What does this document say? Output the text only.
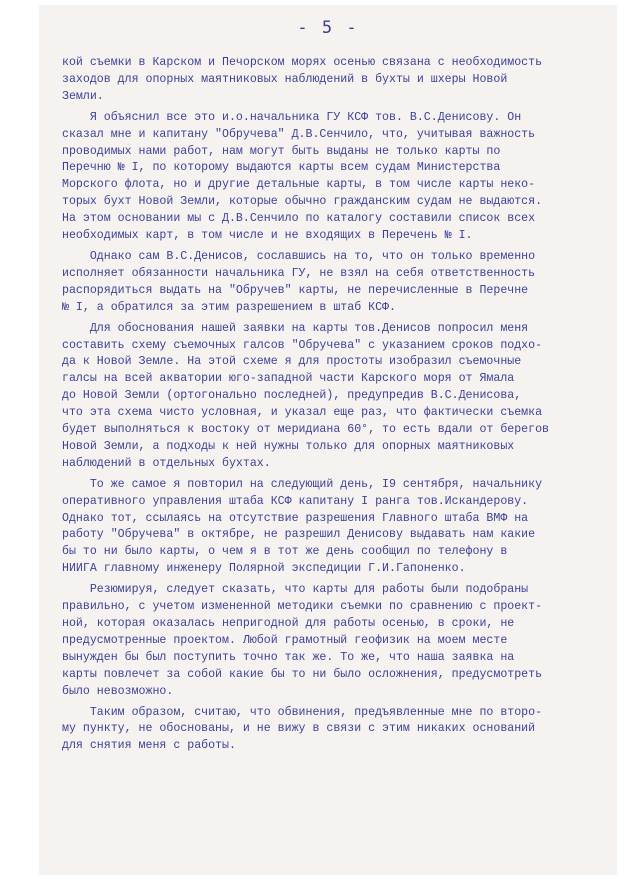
- 5 -
кой съемки в Карском и Печорском морях осенью связана с необходимость
заходов для опорных маятниковых наблюдений в бухты и шхеры Новой
Земли.
Я объяснил все это и.о.начальника ГУ КСФ тов. В.С.Денисову. Он
сказал мне и капитану "Обручева" Д.В.Сенчило, что, учитывая важность
проводимых нами работ, нам могут быть выданы не только карты по
Перечню № I, по которому выдаются карты всем судам Министерства
Морского флота, но и другие детальные карты, в том числе карты неко-
торых бухт Новой Земли, которые обычно гражданским судам не выдаются.
На этом основании мы с Д.В.Сенчило по каталогу составили список всех
необходимых карт, в том числе и не входящих в Перечень № I.
Однако сам В.С.Денисов, сославшись на то, что он только временно
исполняет обязанности начальника ГУ, не взял на себя ответственность
распорядиться выдать на "Обручев" карты, не перечисленные в Перечне
№ I, а обратился за этим разрешением в штаб КСФ.
Для обоснования нашей заявки на карты тов.Денисов попросил меня
составить схему съемочных галсов "Обручева" с указанием сроков подхо-
да к Новой Земле. На этой схеме я для простоты изобразил съемочные
галсы на всей акватории юго-западной части Карского моря от Ямала
до Новой Земли (ортогонально последней), предупредив В.С.Денисова,
что эта схема чисто условная, и указал еще раз, что фактически съемка
будет выполняться к востоку от меридиана 60°, то есть вдали от берегов
Новой Земли, а подходы к ней нужны только для опорных маятниковых
наблюдений в отдельных бухтах.
То же самое я повторил на следующий день, I9 сентября, начальнику
оперативного управления штаба КСФ капитану I ранга тов.Искандерову.
Однако тот, ссылаясь на отсутствие разрешения Главного штаба ВМФ на
работу "Обручева" в октябре, не разрешил Денисову выдавать нам какие
бы то ни было карты, о чем я в тот же день сообщил по телефону в
НИИГА главному инженеру Полярной экспедиции Г.И.Гапоненко.
Резюмируя, следует сказать, что карты для работы были подобраны
правильно, с учетом измененной методики съемки по сравнению с проект-
ной, которая оказалась непригодной для работы осенью, в сроки, не
предусмотренные проектом. Любой грамотный геофизик на моем месте
вынужден бы был поступить точно так же. То же, что наша заявка на
карты повлечет за собой какие бы то ни было осложнения, предусмотреть
было невозможно.
Таким образом, считаю, что обвинения, предъявленные мне по второ-
му пункту, не обоснованы, и не вижу в связи с этим никаких оснований
для снятия меня с работы.
